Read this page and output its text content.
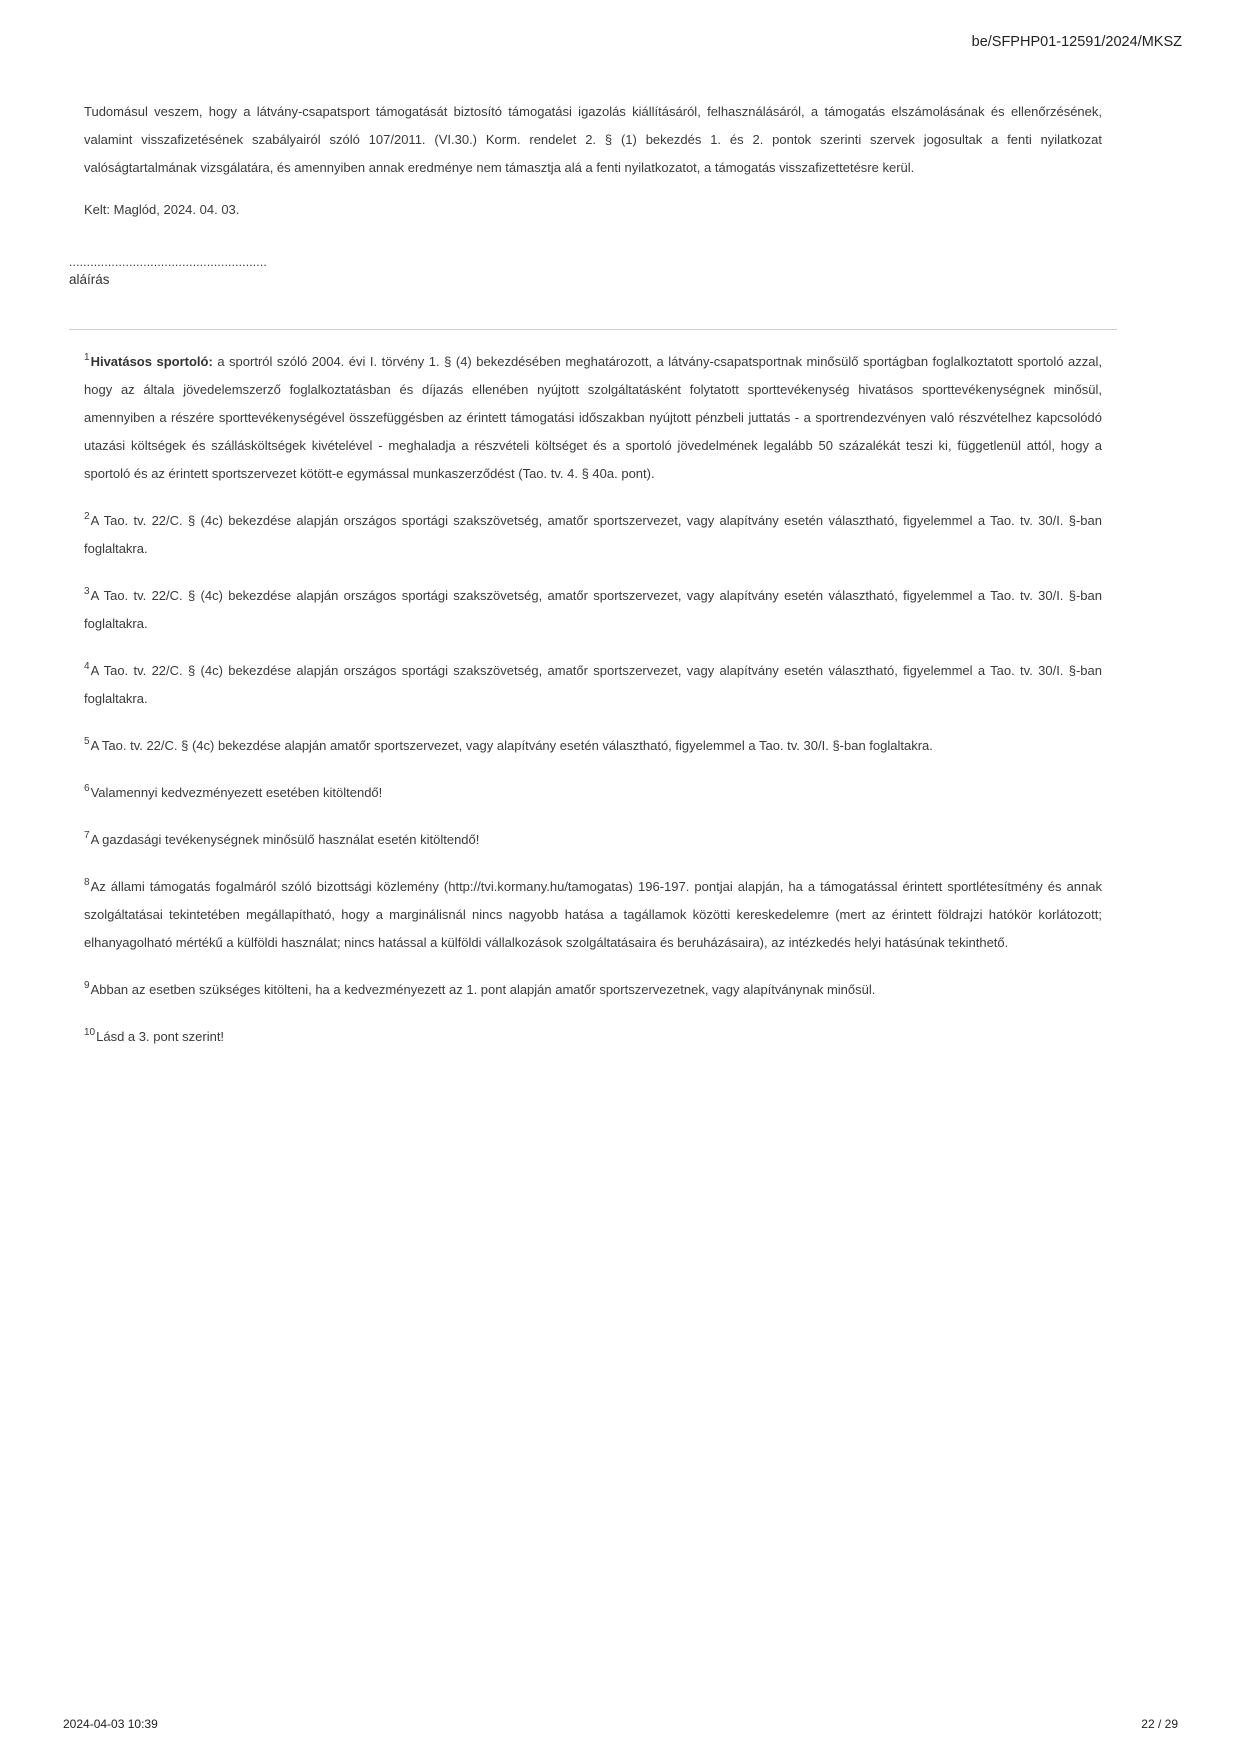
be/SFPHP01-12591/2024/MKSZ
Tudomásul veszem, hogy a látvány-csapatsport támogatását biztosító támogatási igazolás kiállításáról, felhasználásáról, a támogatás elszámolásának és ellenőrzésének, valamint visszafizetésének szabályairól szóló 107/2011. (VI.30.) Korm. rendelet 2. § (1) bekezdés 1. és 2. pontok szerinti szervek jogosultak a fenti nyilatkozat valóságtartalmának vizsgálatára, és amennyiben annak eredménye nem támasztja alá a fenti nyilatkozatot, a támogatás visszafizettetésre kerül.
Kelt: Maglód, 2024. 04. 03.
........................................................
aláírás

$^1$Hivatásos sportoló: a sportról szóló 2004. évi I. törvény 1. § (4) bekezdésében meghatározott, a látvány-csapatsportnak minősülő sportágban foglalkoztatott sportoló azzal, hogy az általa jövedelemszerző foglalkoztatásban és díjazás ellenében nyújtott szolgáltatásként folytatott sporttevékenység hivatásos sporttevékenységnek minősül, amennyiben a részére sporttevékenységével összefüggésben az érintett támogatási időszakban nyújtott pénzbeli juttatás - a sportrendezvényen való részvételhez kapcsolódó utazási költségek és szállásköltségek kivételével - meghaladja a részvételi költséget és a sportoló jövedelmének legalább 50 százalékát teszi ki, függetlenül attól, hogy a sportoló és az érintett sportszervezet kötött-e egymással munkaszerződést (Tao. tv. 4. § 40a. pont).

$^2$A Tao. tv. 22/C. § (4c) bekezdése alapján országos sportági szakszövetség, amatőr sportszervezet, vagy alapítvány esetén választható, figyelemmel a Tao. tv. 30/I. §-ban foglaltakra.

$^3$A Tao. tv. 22/C. § (4c) bekezdése alapján országos sportági szakszövetség, amatőr sportszervezet, vagy alapítvány esetén választható, figyelemmel a Tao. tv. 30/I. §-ban foglaltakra.

$^4$A Tao. tv. 22/C. § (4c) bekezdése alapján országos sportági szakszövetség, amatőr sportszervezet, vagy alapítvány esetén választható, figyelemmel a Tao. tv. 30/I. §-ban foglaltakra.

$^5$A Tao. tv. 22/C. § (4c) bekezdése alapján amatőr sportszervezet, vagy alapítvány esetén választható, figyelemmel a Tao. tv. 30/I. §-ban foglaltakra.

$^6$Valamennyi kedvezményezett esetében kitöltendő!

$^7$A gazdasági tevékenységnek minősülő használat esetén kitöltendő!

$^8$Az állami támogatás fogalmáról szóló bizottsági közlemény (http://tvi.kormany.hu/tamogatas) 196-197. pontjai alapján, ha a támogatással érintett sportlétesítmény és annak szolgáltatásai tekintetében megállapítható, hogy a marginálisnál nincs nagyobb hatása a tagállamok közötti kereskedelemre (mert az érintett földrajzi hatókör korlátozott; elhanyagolható mértékű a külföldi használat; nincs hatással a külföldi vállalkozások szolgáltatásaira és beruházásaira), az intézkedés helyi hatásúnak tekinthető.

$^9$Abban az esetben szükséges kitölteni, ha a kedvezményezett az 1. pont alapján amatőr sportszervezetnek, vagy alapítványnak minősül.

$^{10}$Lásd a 3. pont szerint!

2024-04-03 10:39	22 / 29
